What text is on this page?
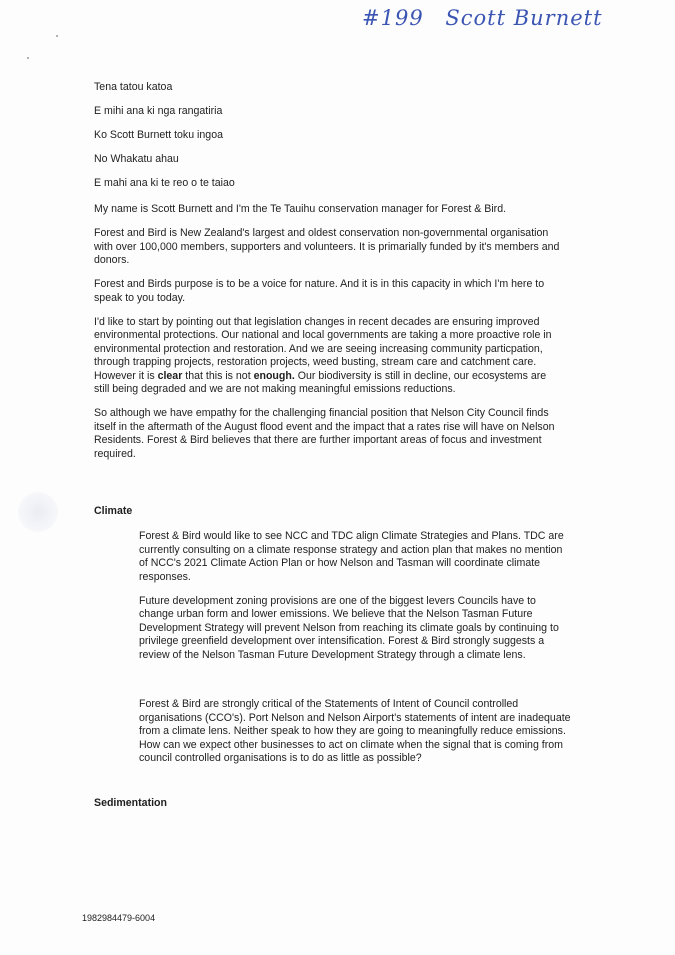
#199 Scott Burnett
Tena tatou katoa
E mihi ana ki nga rangatiria
Ko Scott Burnett toku ingoa
No Whakatu ahau
E mahi ana ki te reo o te taiao

My name is Scott Burnett and I'm the Te Tauihu conservation manager for Forest & Bird.

Forest and Bird is New Zealand's largest and oldest conservation non-governmental organisation with over 100,000 members, supporters and volunteers. It is primarially funded by it's members and donors.

Forest and Birds purpose is to be a voice for nature. And it is in this capacity in which I'm here to speak to you today.

I'd like to start by pointing out that legislation changes in recent decades are ensuring improved environmental protections. Our national and local governments are taking a more proactive role in environmental protection and restoration. And we are seeing increasing community particpation, through trapping projects, restoration projects, weed busting, stream care and catchment care. However it is clear that this is not enough. Our biodiversity is still in decline, our ecosystems are still being degraded and we are not making meaningful emissions reductions.

So although we have empathy for the challenging financial position that Nelson City Council finds itself in the aftermath of the August flood event and the impact that a rates rise will have on Nelson Residents. Forest & Bird believes that there are further important areas of focus and investment required.

Climate

Forest & Bird would like to see NCC and TDC align Climate Strategies and Plans. TDC are currently consulting on a climate response strategy and action plan that makes no mention of NCC's 2021 Climate Action Plan or how Nelson and Tasman will coordinate climate responses.

Future development zoning provisions are one of the biggest levers Councils have to change urban form and lower emissions. We believe that the Nelson Tasman Future Development Strategy will prevent Nelson from reaching its climate goals by continuing to privilege greenfield development over intensification. Forest & Bird strongly suggests a review of the Nelson Tasman Future Development Strategy through a climate lens.

Forest & Bird are strongly critical of the Statements of Intent of Council controlled organisations (CCO's). Port Nelson and Nelson Airport's statements of intent are inadequate from a climate lens. Neither speak to how they are going to meaningfully reduce emissions. How can we expect other businesses to act on climate when the signal that is coming from council controlled organisations is to do as little as possible?

Sedimentation
1982984479-6004
